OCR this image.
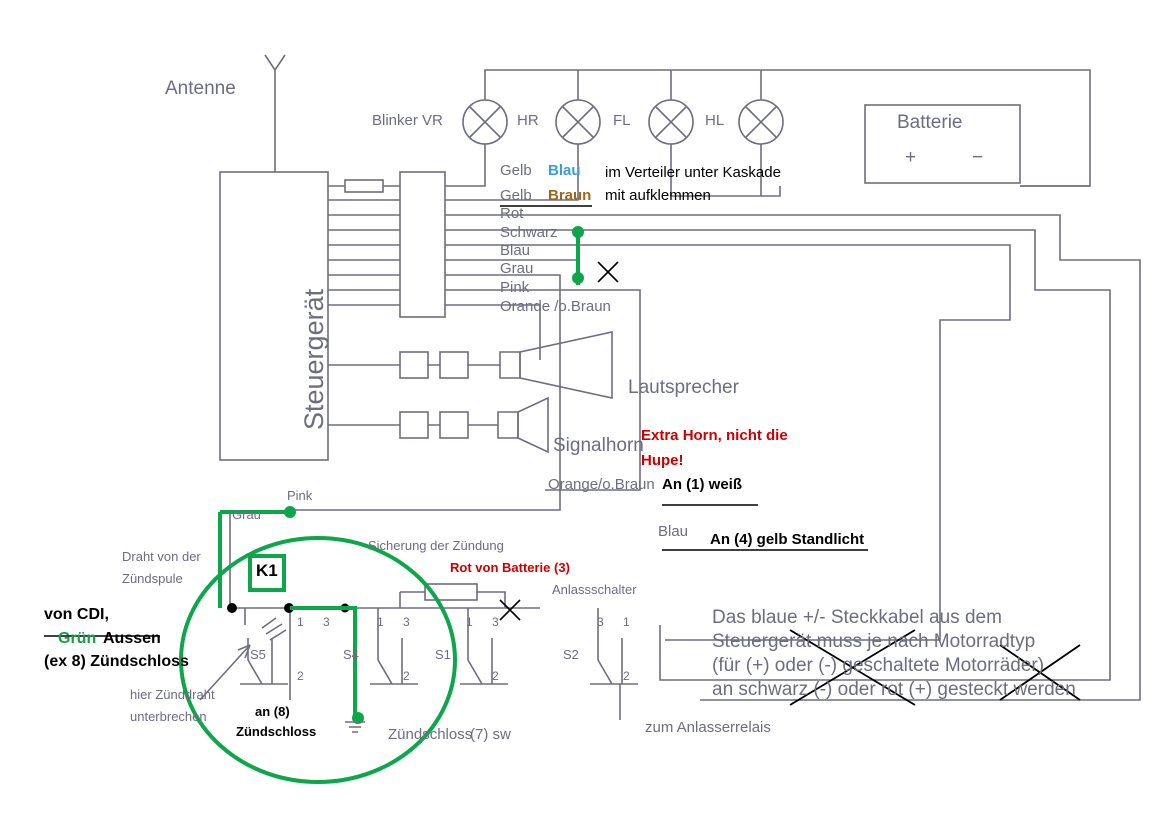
Antenne
Blinker VR	HR	FL	HL	Batterie
+	−
Steuergerät
Gelb Blau
Gelb Braun
Rot
Schwarz
Blau
Grau
Pink
Orande /o.Braun
im Verteiler unter Kaskade
mit aufklemmen
Lautsprecher
Signalhorn
Extra Horn, nicht die
Hupe!
Orange/o.Braun An (1) weiß
Blau An (4) gelb Standlicht
Pink
Grau
Sicherung der Zündung
Rot von Batterie (3)
Anlassschalter
K1
Draht von der
Zündspule
von CDI,
Grün Aussen
(ex 8) Zündschloss
hier Zünddraht
unterbrechen	an (8)
Zündschloss	Zündschloss
(7) sw	zum Anlasserrelais
S5
1 3
2
S4
1 3
2
S1
1 3
2
S2
3 1
2
Das blaue +/- Steckkabel aus dem
Steuergerät muss je nach Motorradtyp
(für (+) oder (-) geschaltete Motorräder)
an schwarz (-) oder rot (+) gesteckt werden
